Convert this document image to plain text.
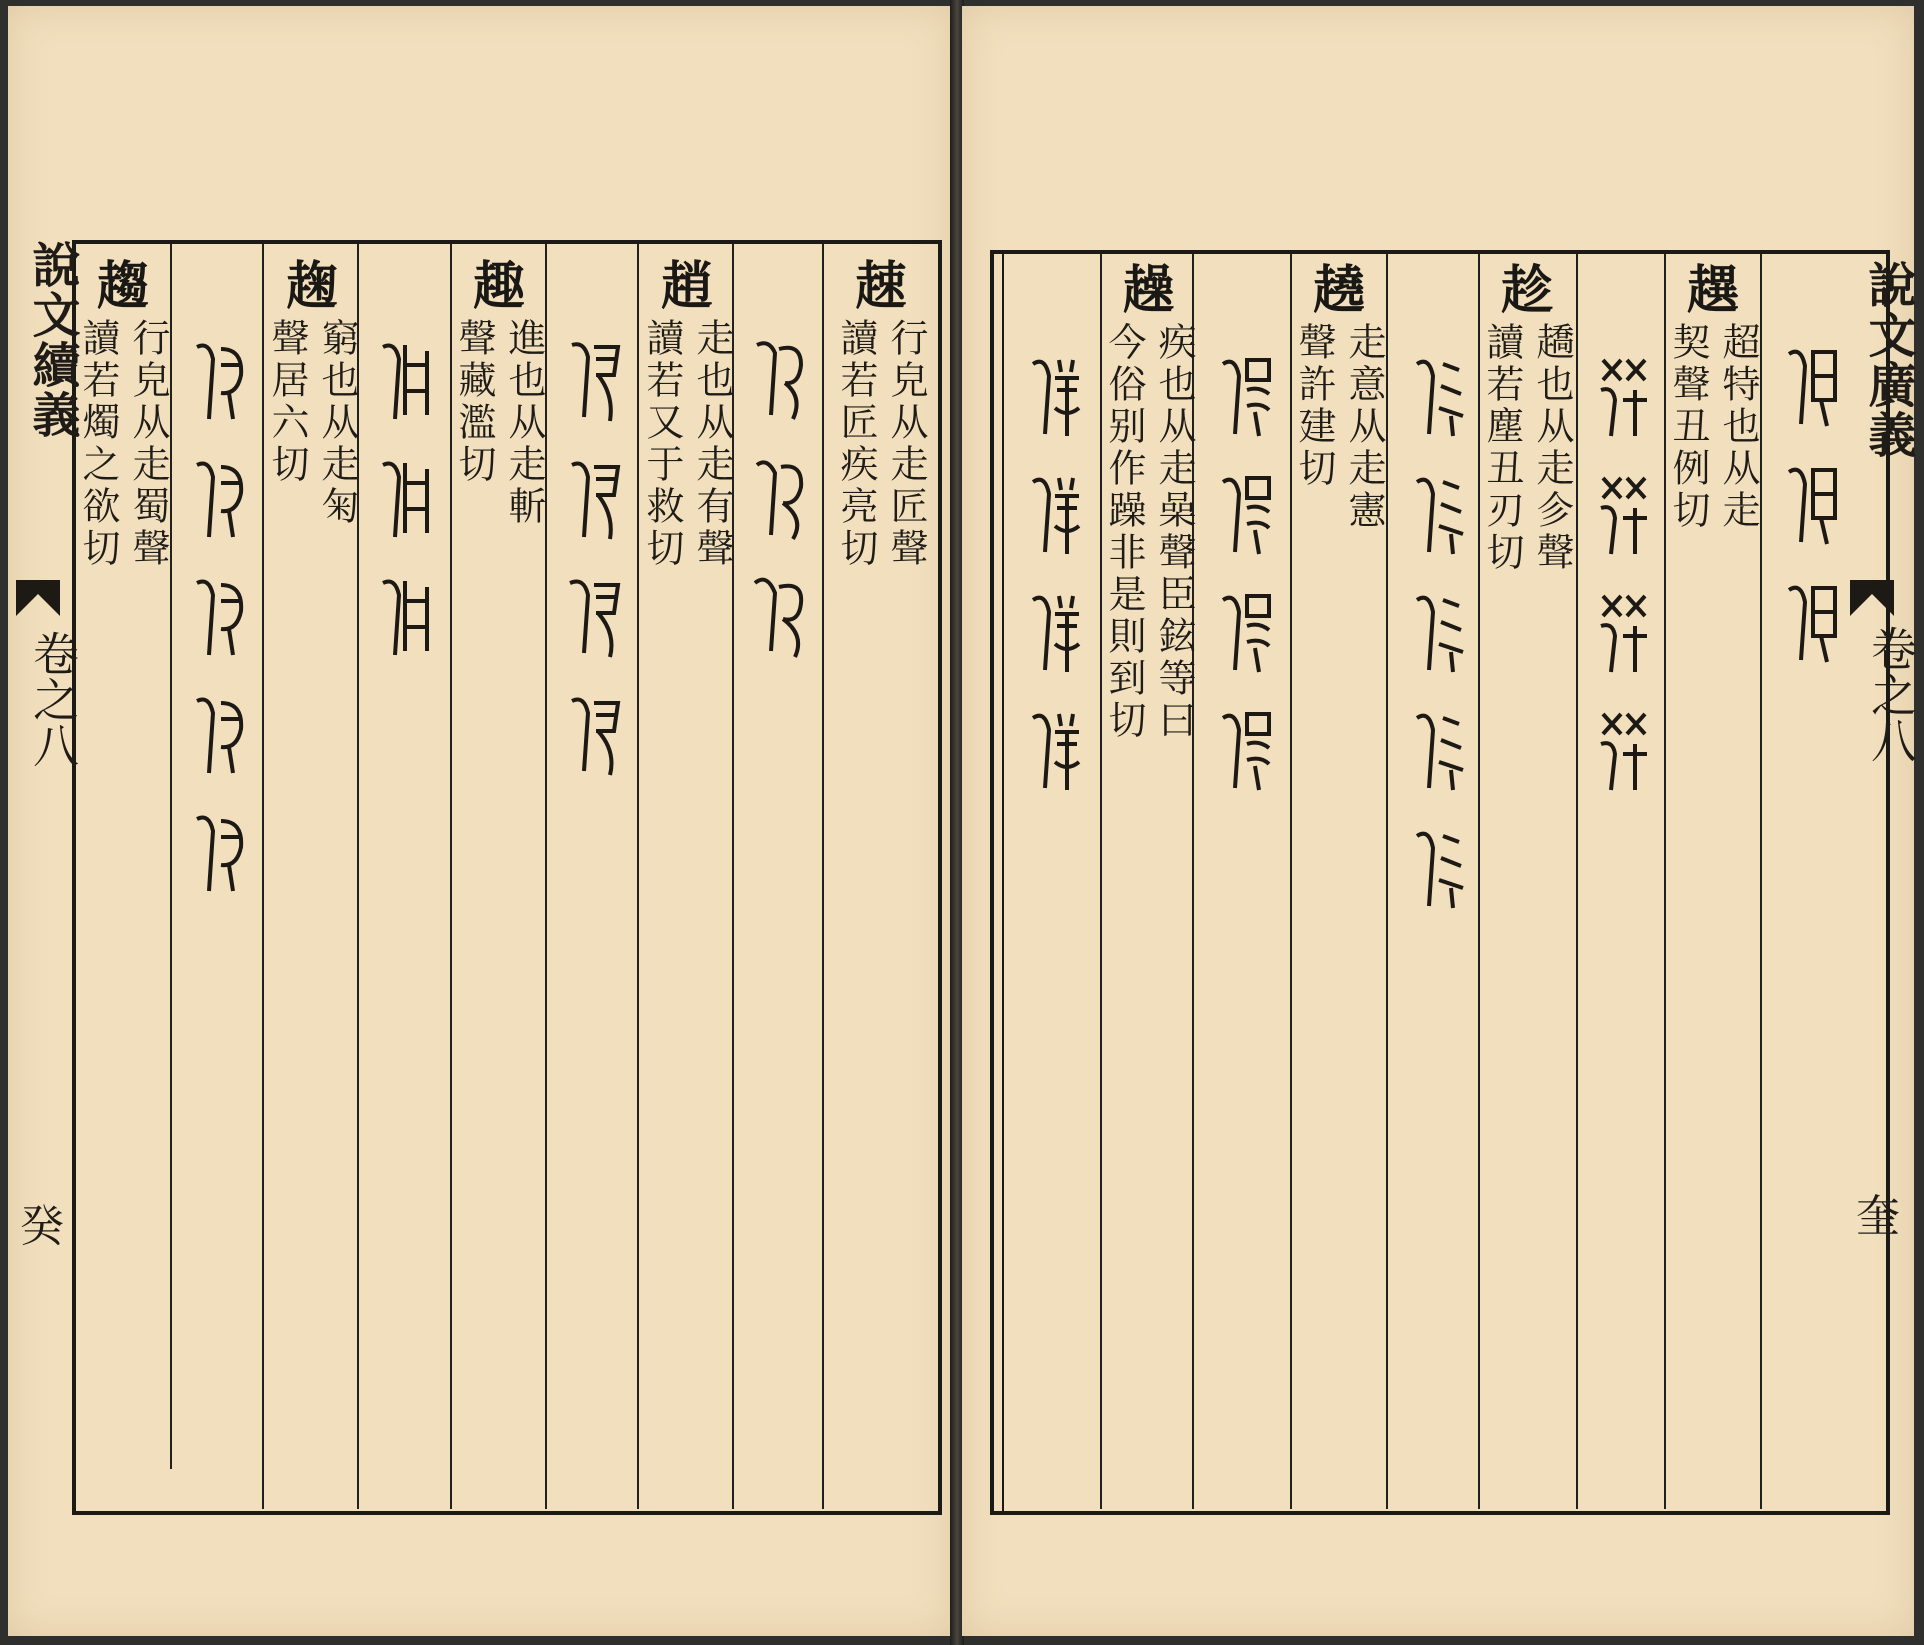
趚
行皃从走匠聲
讀若匠疾亮切
趙
走也从走有聲
讀若又于救切
趣
進也从走斬
聲藏濫切
趜
窮也从走匊
聲居六切
趨
行皃从走蜀聲
讀若燭之欲切
說文續義
卷之八
癸
趩
超特也从走
契聲丑例切
趁
趫也从走㐱聲
讀若塵丑刃切
趬
走意从走憲
聲許建切
趮
疾也从走喿聲臣鉉等曰
今俗别作躁非是則到切	說文廣義
卷之八
奎
